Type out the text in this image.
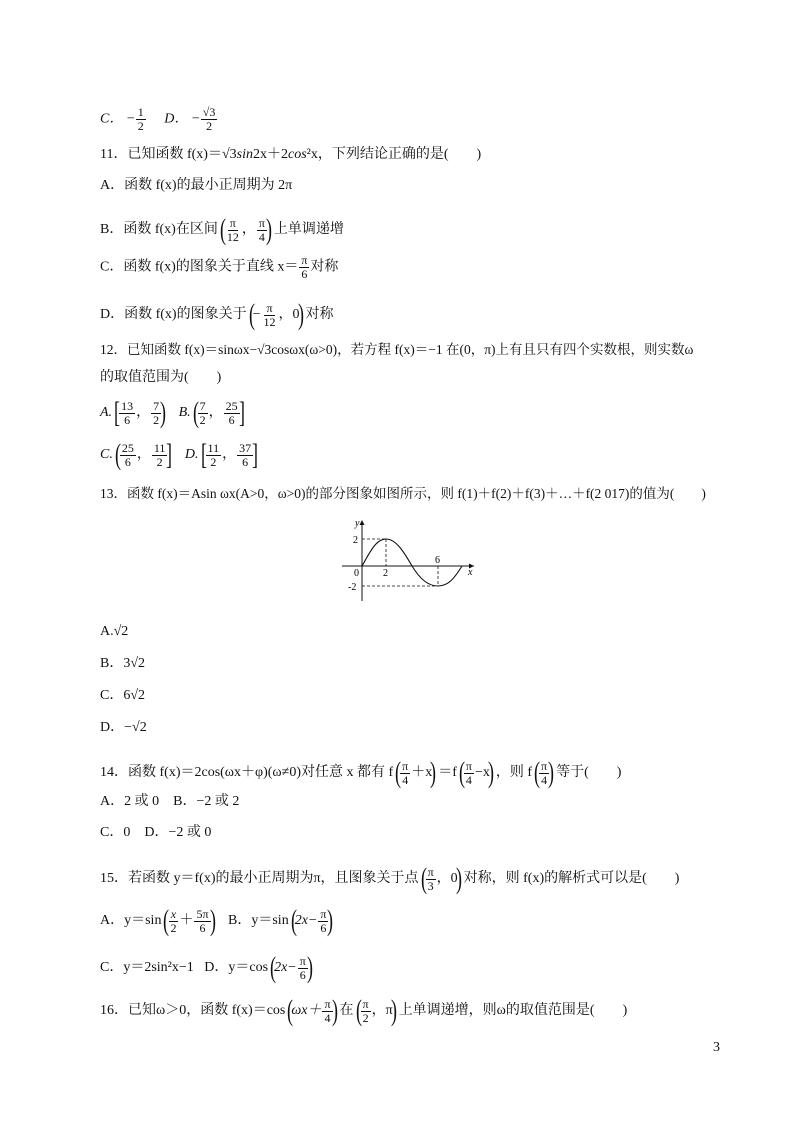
C． − $\frac{1}{2}$ D． − $\frac{√3}{2}$
11．已知函数 f(x)＝√3sin2x＋2cos²x，下列结论正确的是(　　)
A．函数 f(x)的最小正周期为 2π
B．函数 f(x)在区间 ( $\frac{\pi}{12}$ ， $\frac{\pi}{4}$ ) 上单调递增
C．函数 f(x)的图象关于直线 $x= \frac{\pi}{6}$ 对称
D．函数 f(x)的图象关于 (
− $\frac{\pi}{12}$ ，0
) 对称
12．已知函数 f(x)＝sinωx−√3cosωx(ω>0)，若方程 f(x)＝−1 在(0，π)上有且只有四个实数根，则实数ω
的取值范围为(　　)
A. [ $\frac{13}{6}$ ， $\frac{7}{2}$ ) B. ( $\frac{7}{2}$ ， $\frac{25}{6}$ ]
C. ( $\frac{25}{6}$ ， $\frac{11}{2}$ ] D. [ $\frac{11}{2}$ ， $\frac{37}{6}$ ]
13．函数 f(x)＝Asin ωx(A>0，ω>0)的部分图象如图所示，则 f(1)＋f(2)＋f(3)＋…＋f(2 017)的值为(　　)
y
x
2
-2
0 2
6
A.√2
B．3√2
C．6√2
D．−√2
14．函数 f(x)＝2cos(ωx＋φ)(ω≠0)对任意 x 都有 f ( $\frac{\pi}{4} +x$
) ＝f ( $\frac{\pi}{4} -x$
) ，则 f ( $\frac{\pi}{4}$ ) 等于(　　)
A．2 或 0　B．−2 或 2
C．0　D．−2 或 0
15．若函数 y＝f(x)的最小正周期为π，且图象关于点 ( $\frac{\pi}{3}$ ，0
) 对称，则 f(x)的解析式可以是(　　)
A．y＝sin ( $\frac{x}{2} + \frac{5\pi}{6}$ ) B．y＝sin (
$2x- \frac{\pi}{6}$ )
C．y＝2sin²x−1 D．y＝cos (
$2x- \frac{\pi}{6}$ )
16．已知ω＞0，函数 f(x)＝cos (
$\omega x+ \frac{\pi}{4}$ ) 在 ( $\frac{\pi}{2}$ ，π
) 上单调递增，则ω的取值范围是(　　)
3
